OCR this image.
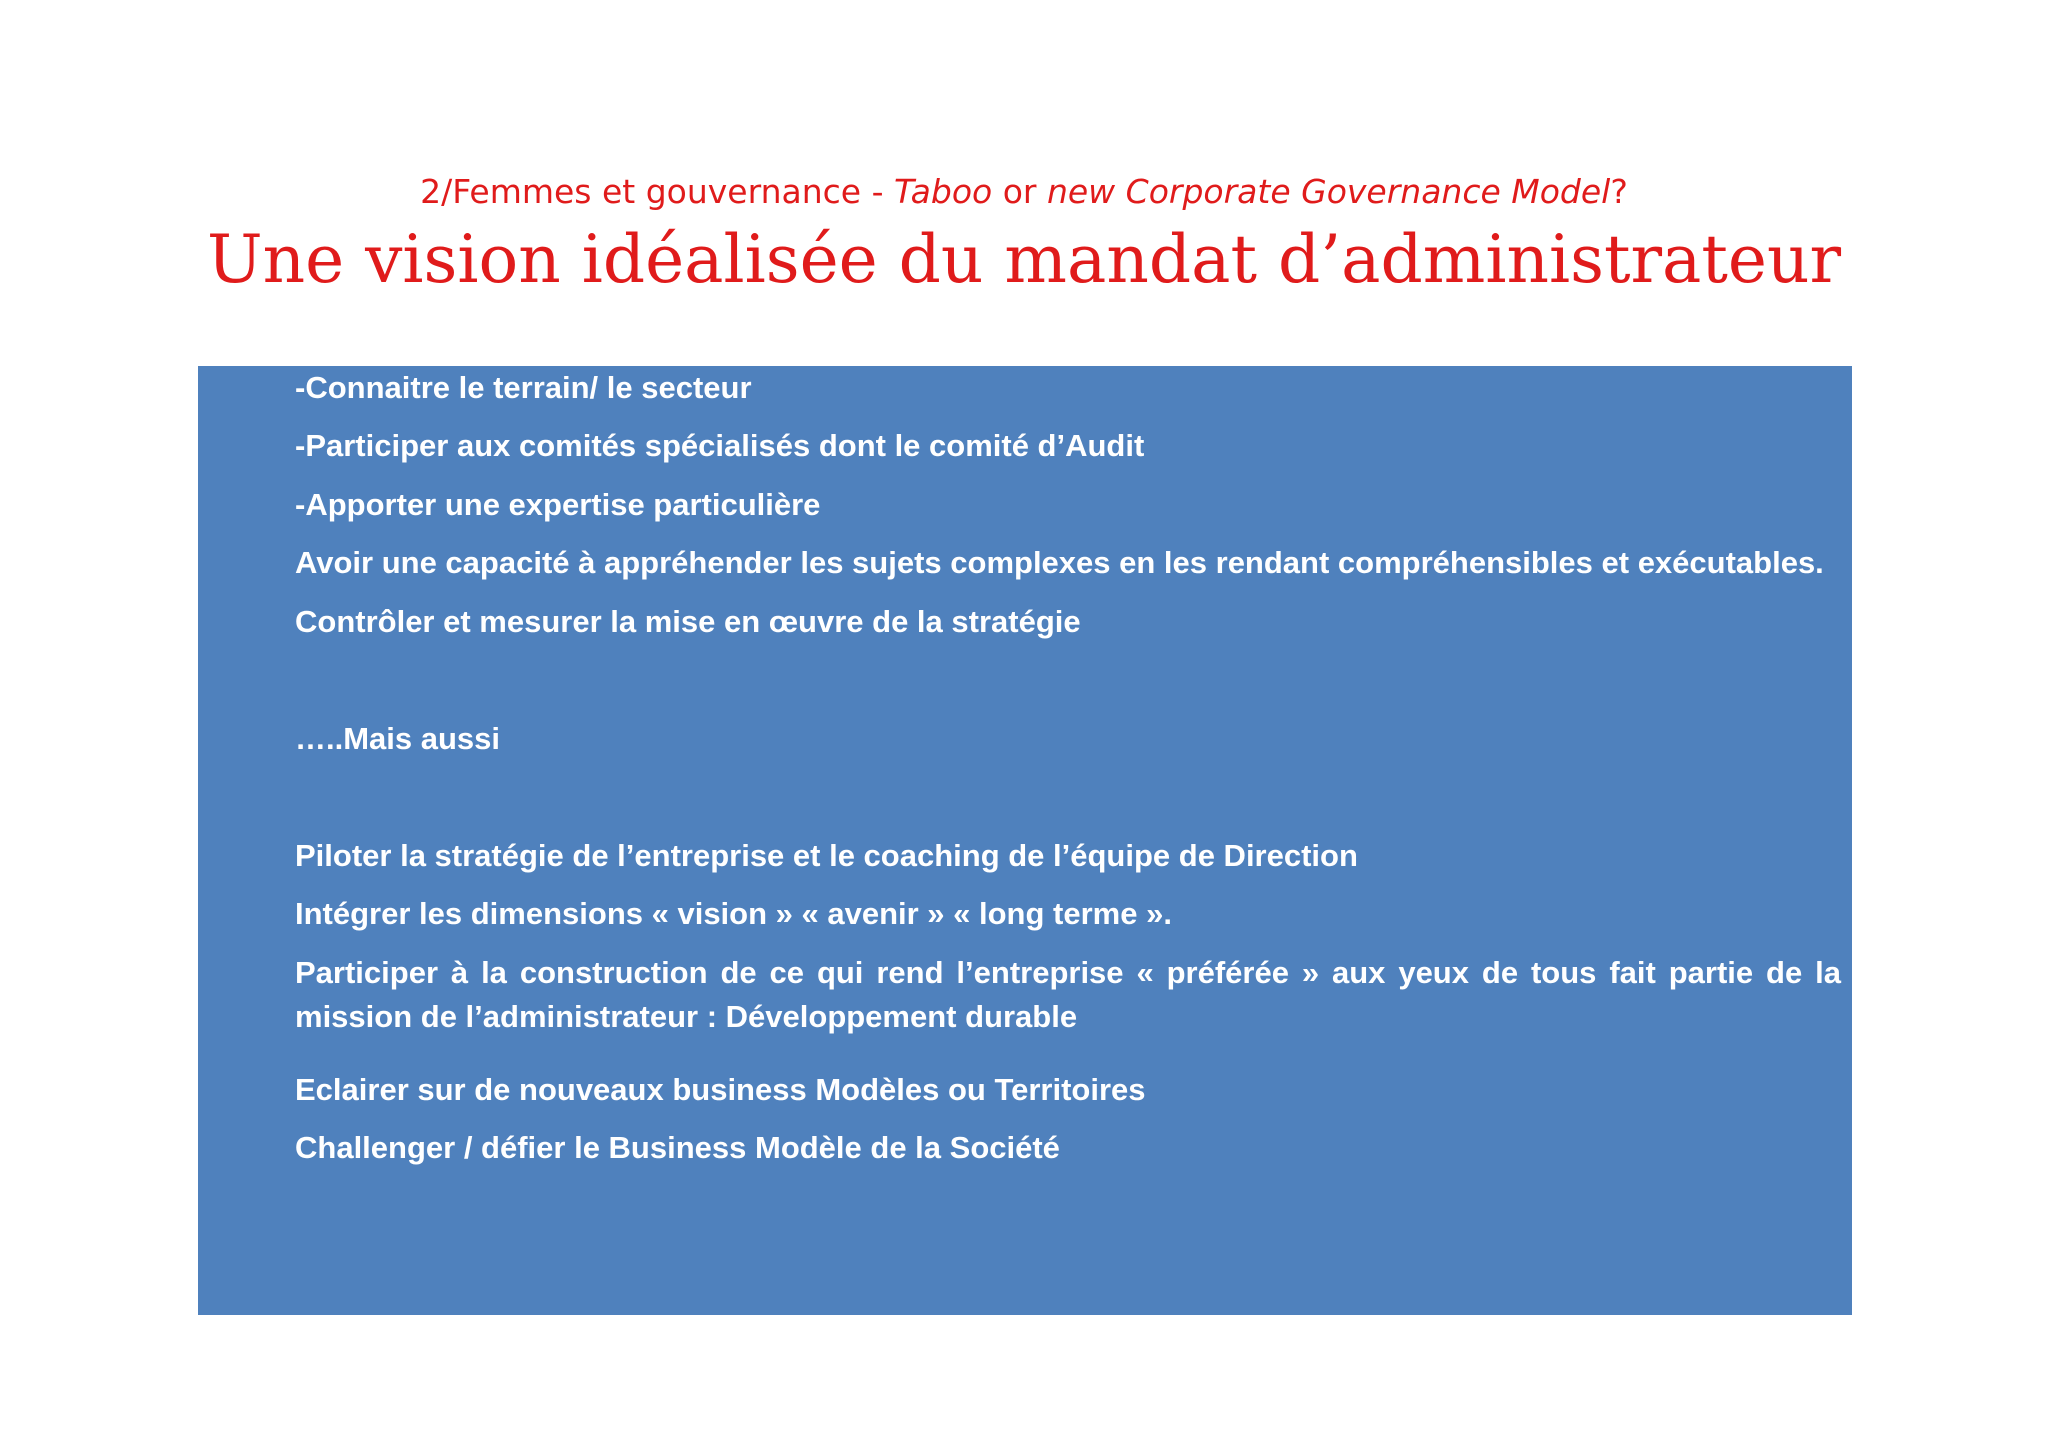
2/Femmes et gouvernance - Taboo or new Corporate Governance Model?
Une vision idéalisée du mandat d’administrateur
-Connaitre le terrain/ le secteur
-Participer aux comités spécialisés dont le comité d’Audit
-Apporter une expertise particulière
Avoir une capacité à appréhender les sujets complexes en les rendant compréhensibles et exécutables.
Contrôler et mesurer la mise en œuvre de la stratégie
…..Mais aussi
Piloter la stratégie de l’entreprise et le coaching de l’équipe de Direction
Intégrer les dimensions « vision » « avenir » « long terme ».
Participer à la construction de ce qui rend l’entreprise « préférée » aux yeux de tous fait partie de la mission de l’administrateur : Développement durable
Eclairer sur de nouveaux business Modèles ou Territoires
Challenger / défier le Business Modèle de la Société
